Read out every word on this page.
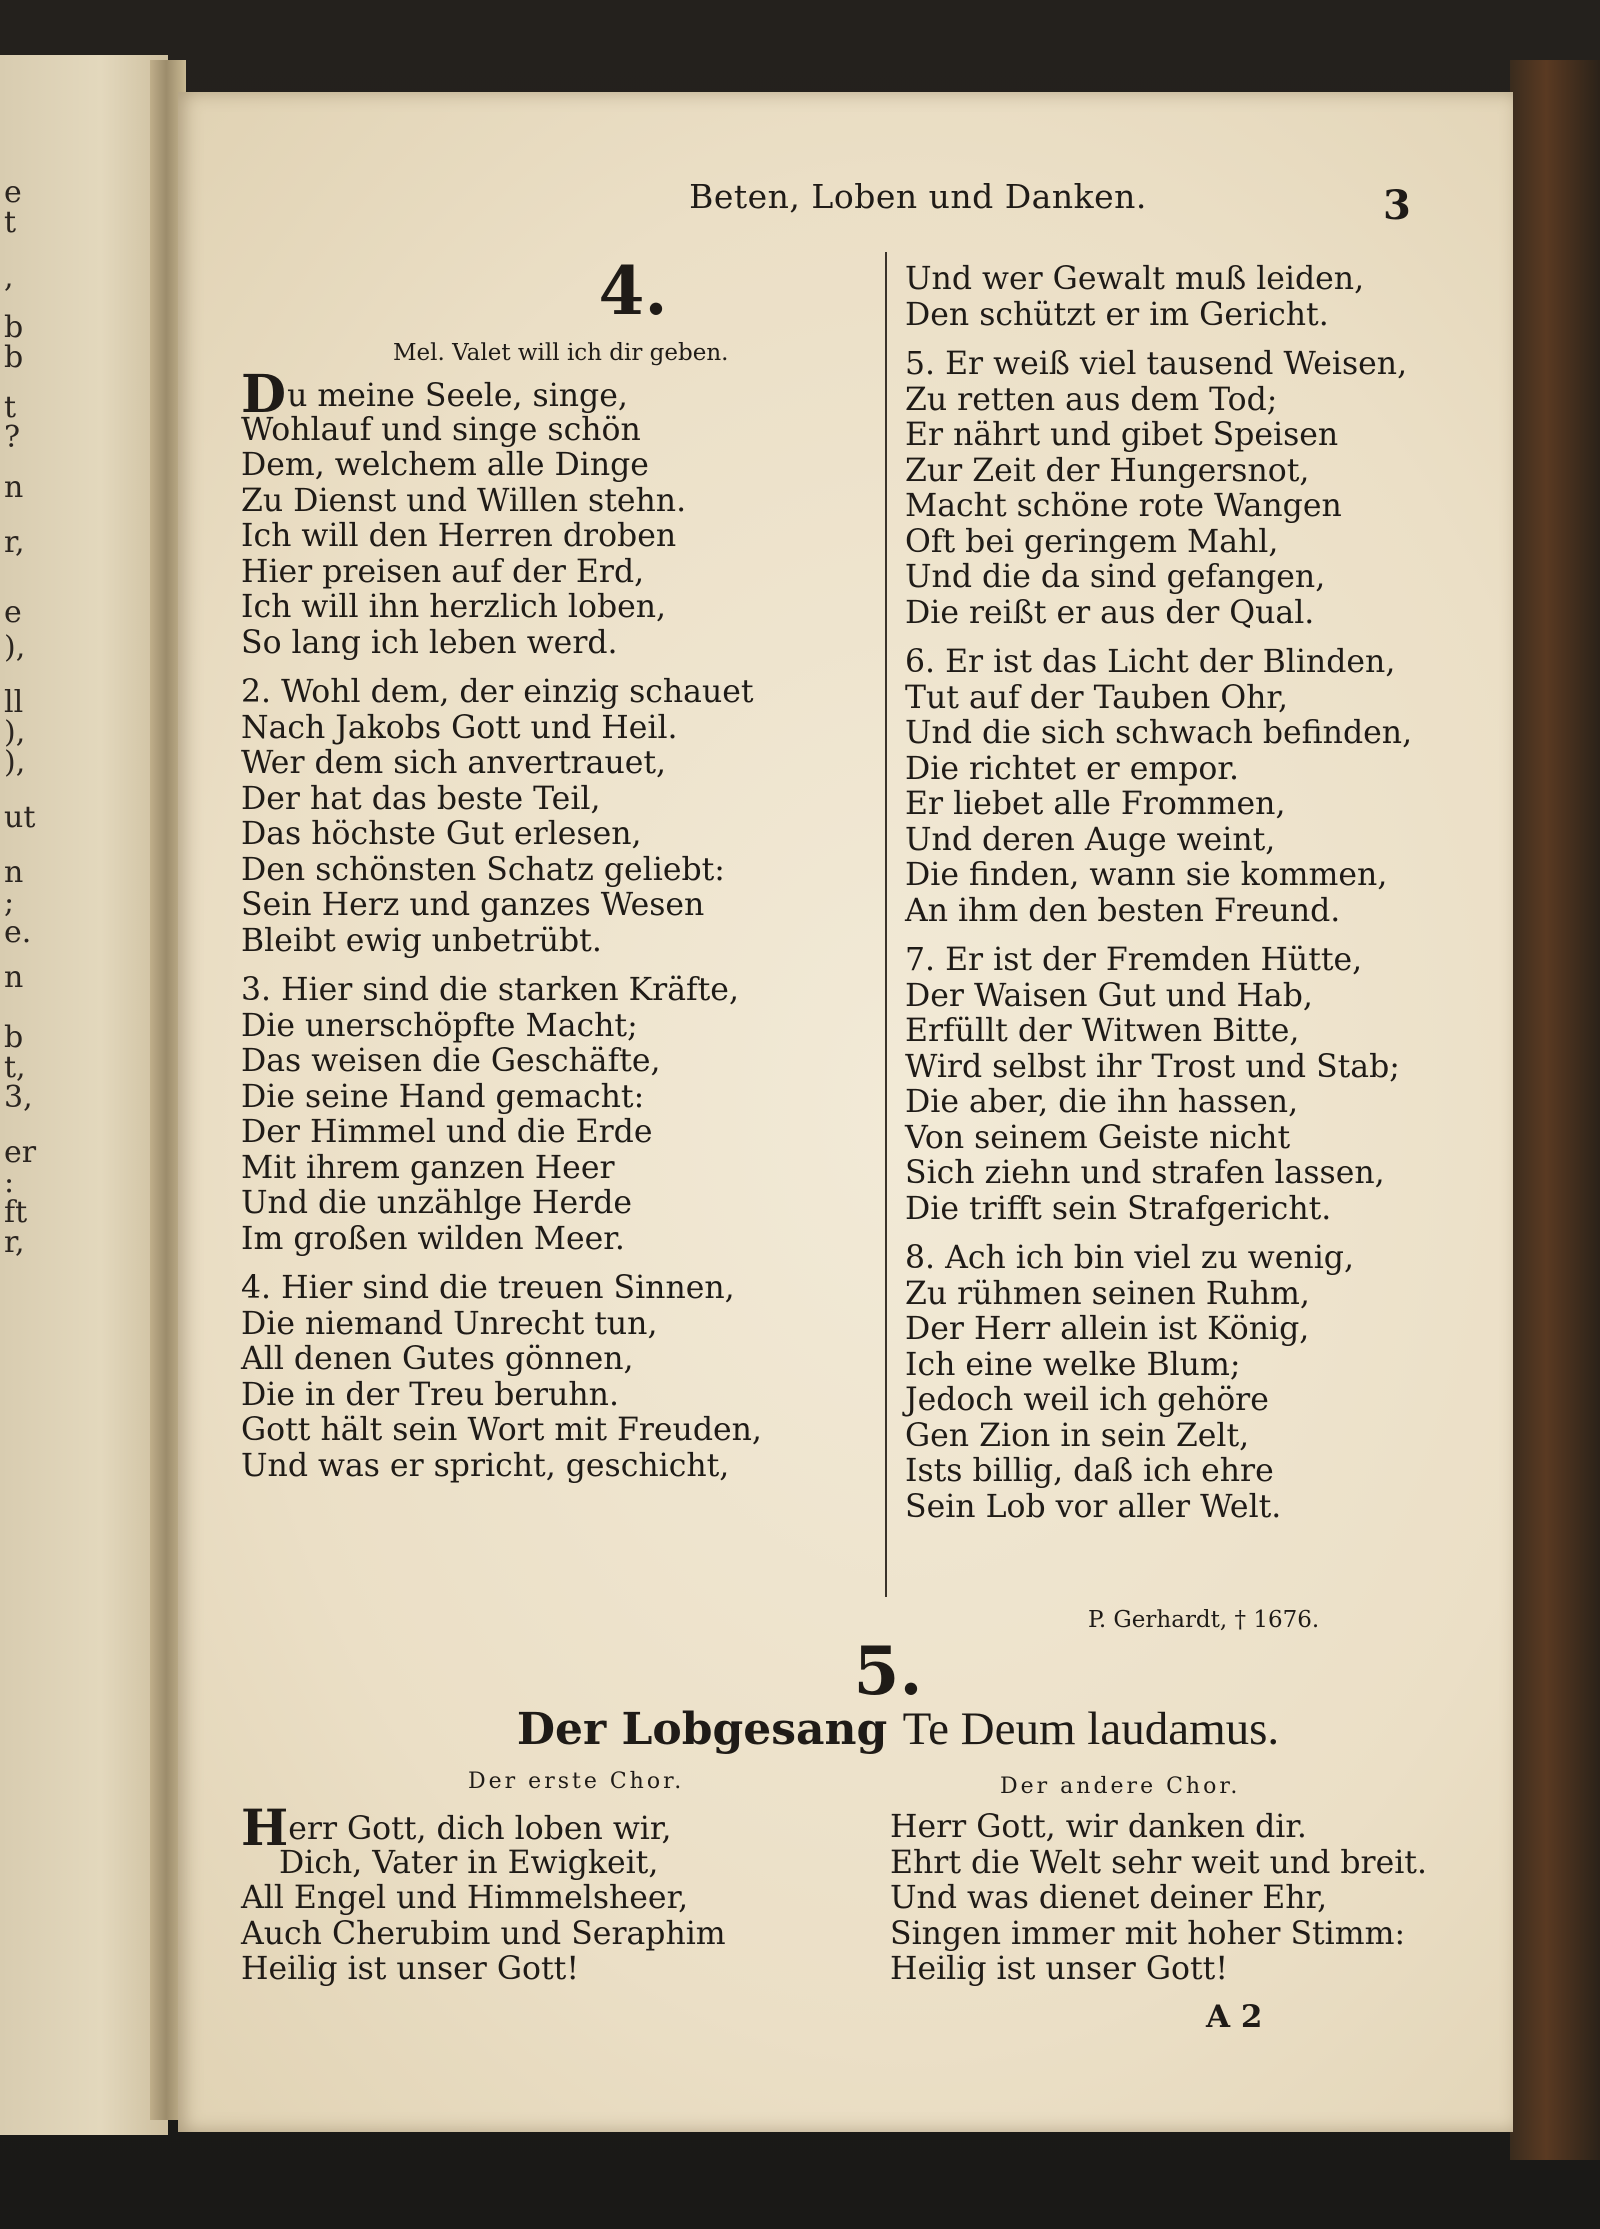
e
t
,
b
b
t
?
n
r,
e
),
ll
),
),
ut
n
;
e.
n
b
t,
3,
er
:
ft
r,
Beten, Loben und Danken.	3
4.
Mel. Valet will ich dir geben.
Du meine Seele, singe,
Wohlauf und singe schön
Dem, welchem alle Dinge
Zu Dienst und Willen stehn.
Ich will den Herren droben
Hier preisen auf der Erd,
Ich will ihn herzlich loben,
So lang ich leben werd.
2. Wohl dem, der einzig schauet
Nach Jakobs Gott und Heil.
Wer dem sich anvertrauet,
Der hat das beste Teil,
Das höchste Gut erlesen,
Den schönsten Schatz geliebt:
Sein Herz und ganzes Wesen
Bleibt ewig unbetrübt.
3. Hier sind die starken Kräfte,
Die unerschöpfte Macht;
Das weisen die Geschäfte,
Die seine Hand gemacht:
Der Himmel und die Erde
Mit ihrem ganzen Heer
Und die unzählge Herde
Im großen wilden Meer.
4. Hier sind die treuen Sinnen,
Die niemand Unrecht tun,
All denen Gutes gönnen,
Die in der Treu beruhn.
Gott hält sein Wort mit Freuden,
Und was er spricht, geschicht,
Und wer Gewalt muß leiden,
Den schützt er im Gericht.
5. Er weiß viel tausend Weisen,
Zu retten aus dem Tod;
Er nährt und gibet Speisen
Zur Zeit der Hungersnot,
Macht schöne rote Wangen
Oft bei geringem Mahl,
Und die da sind gefangen,
Die reißt er aus der Qual.
6. Er ist das Licht der Blinden,
Tut auf der Tauben Ohr,
Und die sich schwach befinden,
Die richtet er empor.
Er liebet alle Frommen,
Und deren Auge weint,
Die finden, wann sie kommen,
An ihm den besten Freund.
7. Er ist der Fremden Hütte,
Der Waisen Gut und Hab,
Erfüllt der Witwen Bitte,
Wird selbst ihr Trost und Stab;
Die aber, die ihn hassen,
Von seinem Geiste nicht
Sich ziehn und strafen lassen,
Die trifft sein Strafgericht.
8. Ach ich bin viel zu wenig,
Zu rühmen seinen Ruhm,
Der Herr allein ist König,
Ich eine welke Blum;
Jedoch weil ich gehöre
Gen Zion in sein Zelt,
Ists billig, daß ich ehre
Sein Lob vor aller Welt.
P. Gerhardt, † 1676.
5.
Der Lobgesang Te Deum laudamus.
Der erste Chor.	Der andere Chor.
Herr Gott, dich loben wir,
Dich, Vater in Ewigkeit,
All Engel und Himmelsheer,
Auch Cherubim und Seraphim
Heilig ist unser Gott!
Herr Gott, wir danken dir.
Ehrt die Welt sehr weit und breit.
Und was dienet deiner Ehr,
Singen immer mit hoher Stimm:
Heilig ist unser Gott!
A 2
